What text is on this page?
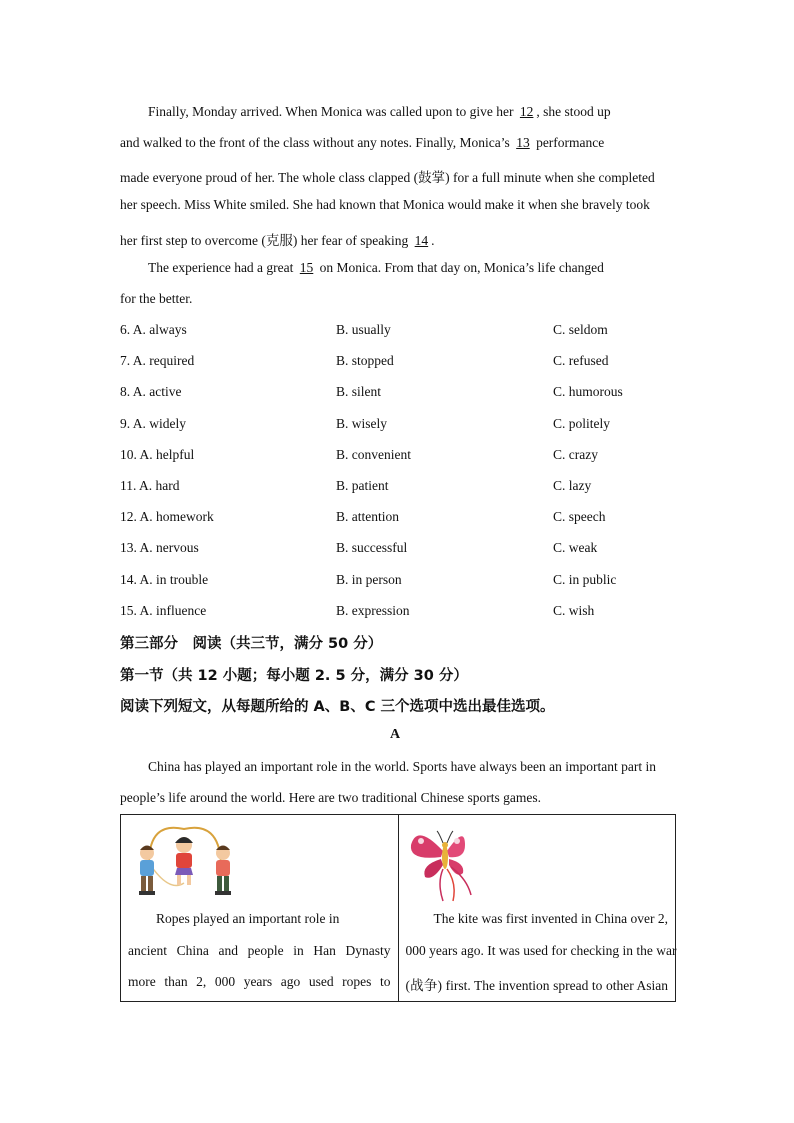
Finally, Monday arrived. When Monica was called upon to give her 12 , she stood up
and walked to the front of the class without any notes. Finally, Monica’s 13 performance
made everyone proud of her. The whole class clapped (鼓掌) for a full minute when she completed
her speech. Miss White smiled. She had known that Monica would make it when she bravely took
her first step to overcome (克服) her fear of speaking 14 .
The experience had a great 15 on Monica. From that day on, Monica’s life changed
for the better.
6. A. always	B. usually	C. seldom
7. A. required	B. stopped	C. refused
8. A. active	B. silent	C. humorous
9. A. widely	B. wisely	C. politely
10. A. helpful	B. convenient	C. crazy
11. A. hard	B. patient	C. lazy
12. A. homework	B. attention	C. speech
13. A. nervous	B. successful	C. weak
14. A. in trouble	B. in person	C. in public
15. A. influence	B. expression	C. wish
第三部分　阅读（共三节，满分 50 分）
第一节（共 12 小题；每小题 2. 5 分，满分 30 分）
阅读下列短文，从每题所给的 A、B、C 三个选项中选出最佳选项。
A
China has played an important role in the world. Sports have always been an important part in
people’s life around the world. Here are two traditional Chinese sports games.
Ropes played an important role in
ancient China and people in Han Dynasty
more than 2, 000 years ago used ropes to

The kite was first invented in China over 2,
000 years ago. It was used for checking in the war
(战争) first. The invention spread to other Asian
